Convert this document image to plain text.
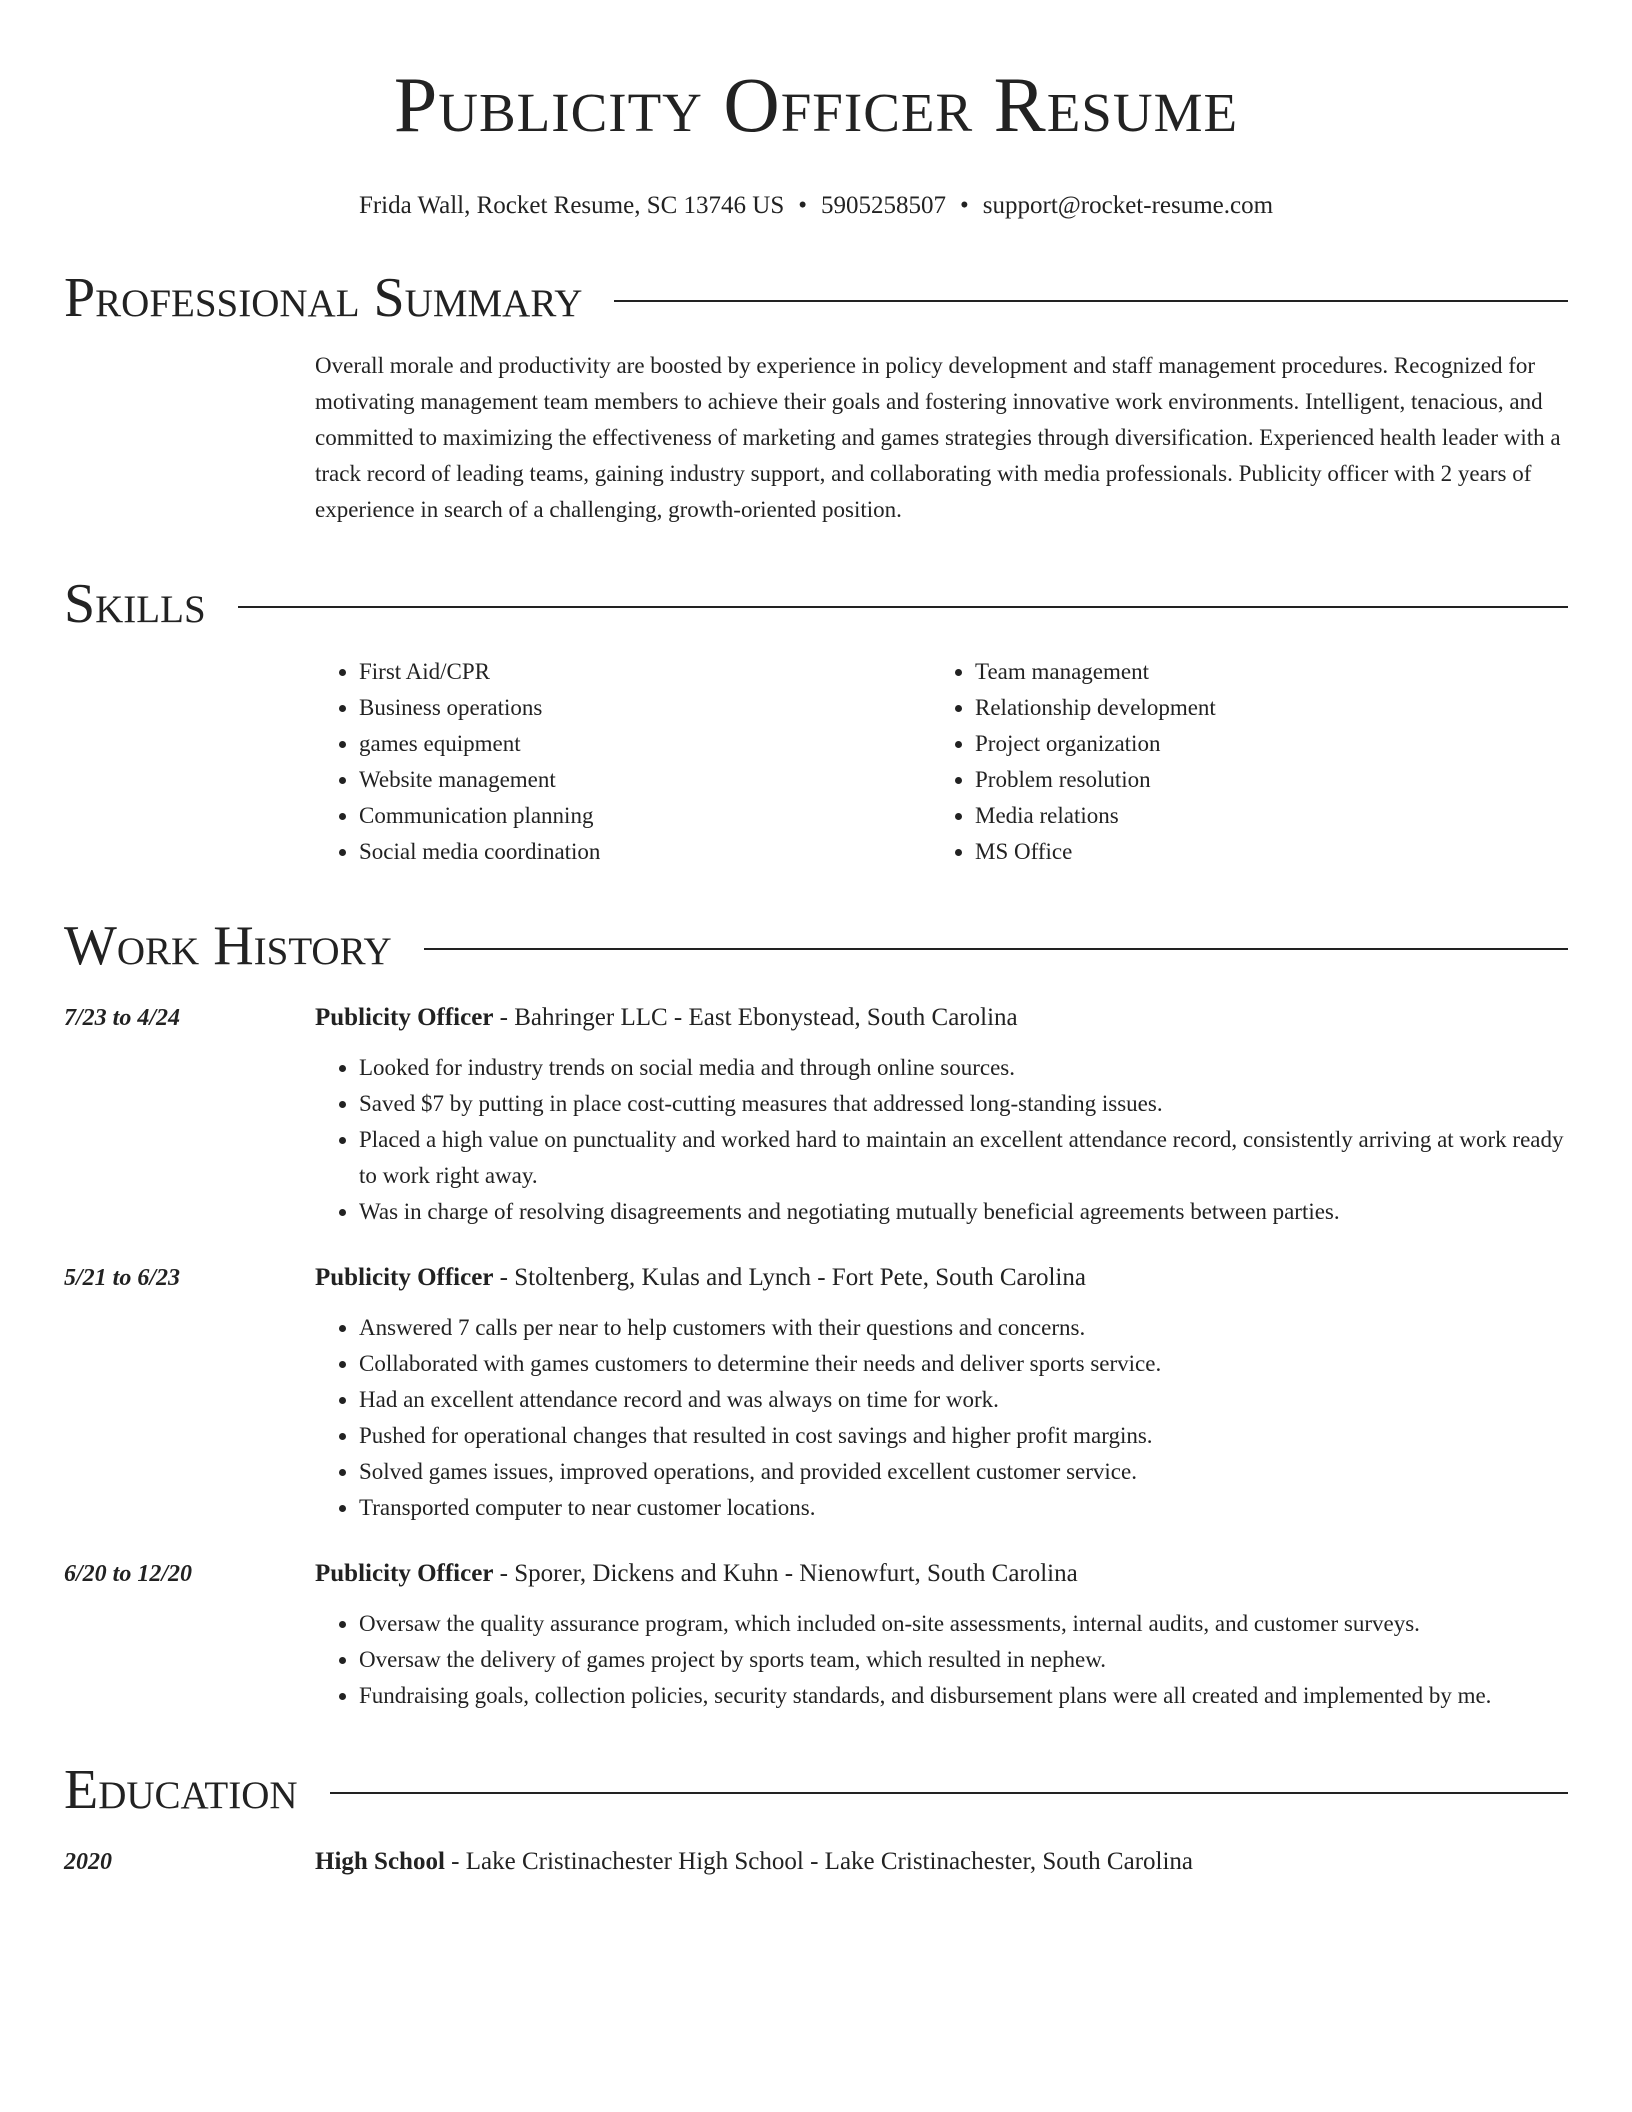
Publicity Officer Resume
Frida Wall, Rocket Resume, SC 13746 US • 5905258507 • support@rocket-resume.com
Professional Summary
Overall morale and productivity are boosted by experience in policy development and staff management procedures. Recognized for motivating management team members to achieve their goals and fostering innovative work environments. Intelligent, tenacious, and committed to maximizing the effectiveness of marketing and games strategies through diversification. Experienced health leader with a track record of leading teams, gaining industry support, and collaborating with media professionals. Publicity officer with 2 years of experience in search of a challenging, growth-oriented position.
Skills
• First Aid/CPR
• Business operations
• games equipment
• Website management
• Communication planning
• Social media coordination
• Team management
• Relationship development
• Project organization
• Problem resolution
• Media relations
• MS Office
Work History
7/23 to 4/24	Publicity Officer - Bahringer LLC - East Ebonystead, South Carolina
• Looked for industry trends on social media and through online sources.
• Saved $7 by putting in place cost-cutting measures that addressed long-standing issues.
• Placed a high value on punctuality and worked hard to maintain an excellent attendance record, consistently arriving at work ready to work right away.
• Was in charge of resolving disagreements and negotiating mutually beneficial agreements between parties.
5/21 to 6/23	Publicity Officer - Stoltenberg, Kulas and Lynch - Fort Pete, South Carolina
• Answered 7 calls per near to help customers with their questions and concerns.
• Collaborated with games customers to determine their needs and deliver sports service.
• Had an excellent attendance record and was always on time for work.
• Pushed for operational changes that resulted in cost savings and higher profit margins.
• Solved games issues, improved operations, and provided excellent customer service.
• Transported computer to near customer locations.
6/20 to 12/20	Publicity Officer - Sporer, Dickens and Kuhn - Nienowfurt, South Carolina
• Oversaw the quality assurance program, which included on-site assessments, internal audits, and customer surveys.
• Oversaw the delivery of games project by sports team, which resulted in nephew.
• Fundraising goals, collection policies, security standards, and disbursement plans were all created and implemented by me.
Education
2020	High School - Lake Cristinachester High School - Lake Cristinachester, South Carolina
